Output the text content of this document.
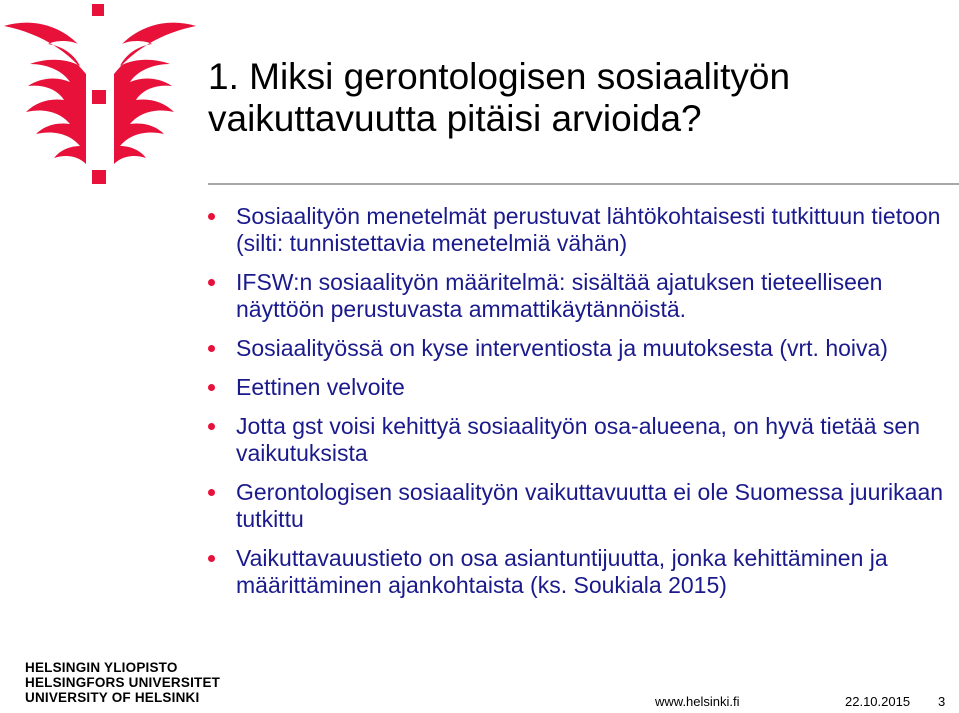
1. Miksi gerontologisen sosiaalityön
vaikuttavuutta pitäisi arvioida?
Sosiaalityön menetelmät perustuvat lähtökohtaisesti tutkittuun tietoon (silti: tunnistettavia menetelmiä vähän)
IFSW:n sosiaalityön määritelmä: sisältää ajatuksen tieteelliseen näyttöön perustuvasta ammattikäytännöistä.
Sosiaalityössä on kyse interventiosta ja muutoksesta (vrt. hoiva)
Eettinen velvoite
Jotta gst voisi kehittyä sosiaalityön osa-alueena, on hyvä tietää sen vaikutuksista
Gerontologisen sosiaalityön vaikuttavuutta ei ole Suomessa juurikaan tutkittu
Vaikuttavauustieto on osa asiantuntijuutta, jonka kehittäminen ja määrittäminen ajankohtaista (ks. Soukiala 2015)
HELSINGIN YLIOPISTO
HELSINGFORS UNIVERSITET
UNIVERSITY OF HELSINKI	www.helsinki.fi	22.10.2015 3
